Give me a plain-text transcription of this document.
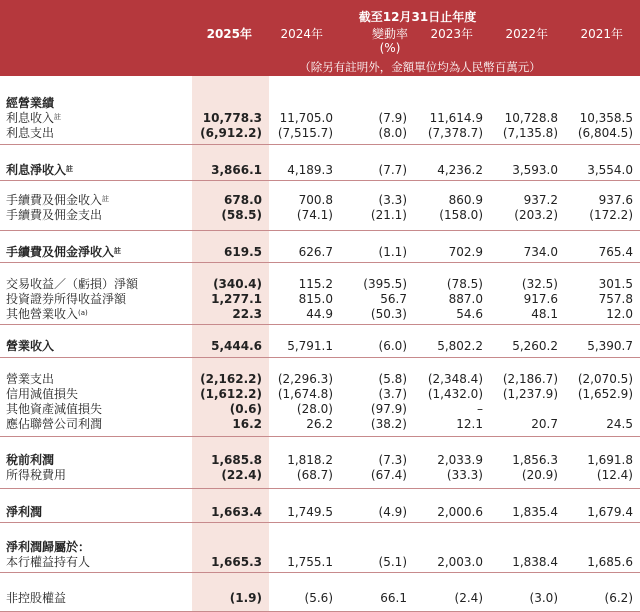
截至12月31日止年度
2025年	2024年	變動率
(%)
2023年	2022年	2021年
（除另有註明外，金額單位均為人民幣百萬元）
經營業績
利息收入$^註$	10,778.3	11,705.0	(7.9)	11,614.9	10,728.8	10,358.5
利息支出	(6,912.2)	(7,515.7)	(8.0)	(7,378.7)	(7,135.8)	(6,804.5)
利息淨收入$^註$	3,866.1	4,189.3	(7.7)	4,236.2	3,593.0	3,554.0
手續費及佣金收入$^註$	678.0	700.8	(3.3)	860.9	937.2	937.6
手續費及佣金支出	(58.5)	(74.1)	(21.1)	(158.0)	(203.2)	(172.2)
手續費及佣金淨收入$^註$	619.5	626.7	(1.1)	702.9	734.0	765.4
交易收益／（虧損）淨額	(340.4)	115.2	(395.5)	(78.5)	(32.5)	301.5
投資證券所得收益淨額	1,277.1	815.0	56.7	887.0	917.6	757.8
其他營業收入$^{(a)}$	22.3	44.9	(50.3)	54.6	48.1	12.0
營業收入	5,444.6	5,791.1	(6.0)	5,802.2	5,260.2	5,390.7
營業支出	(2,162.2)	(2,296.3)	(5.8)	(2,348.4)	(2,186.7)	(2,070.5)
信用減值損失	(1,612.2)	(1,674.8)	(3.7)	(1,432.0)	(1,237.9)	(1,652.9)
其他資產減值損失	(0.6)	(28.0)	(97.9)	–
應佔聯營公司利潤	16.2	26.2	(38.2)	12.1	20.7	24.5
稅前利潤	1,685.8	1,818.2	(7.3)	2,033.9	1,856.3	1,691.8
所得稅費用	(22.4)	(68.7)	(67.4)	(33.3)	(20.9)	(12.4)
淨利潤	1,663.4	1,749.5	(4.9)	2,000.6	1,835.4	1,679.4
淨利潤歸屬於：
本行權益持有人	1,665.3	1,755.1	(5.1)	2,003.0	1,838.4	1,685.6
非控股權益	(1.9)	(5.6)	66.1	(2.4)	(3.0)	(6.2)
